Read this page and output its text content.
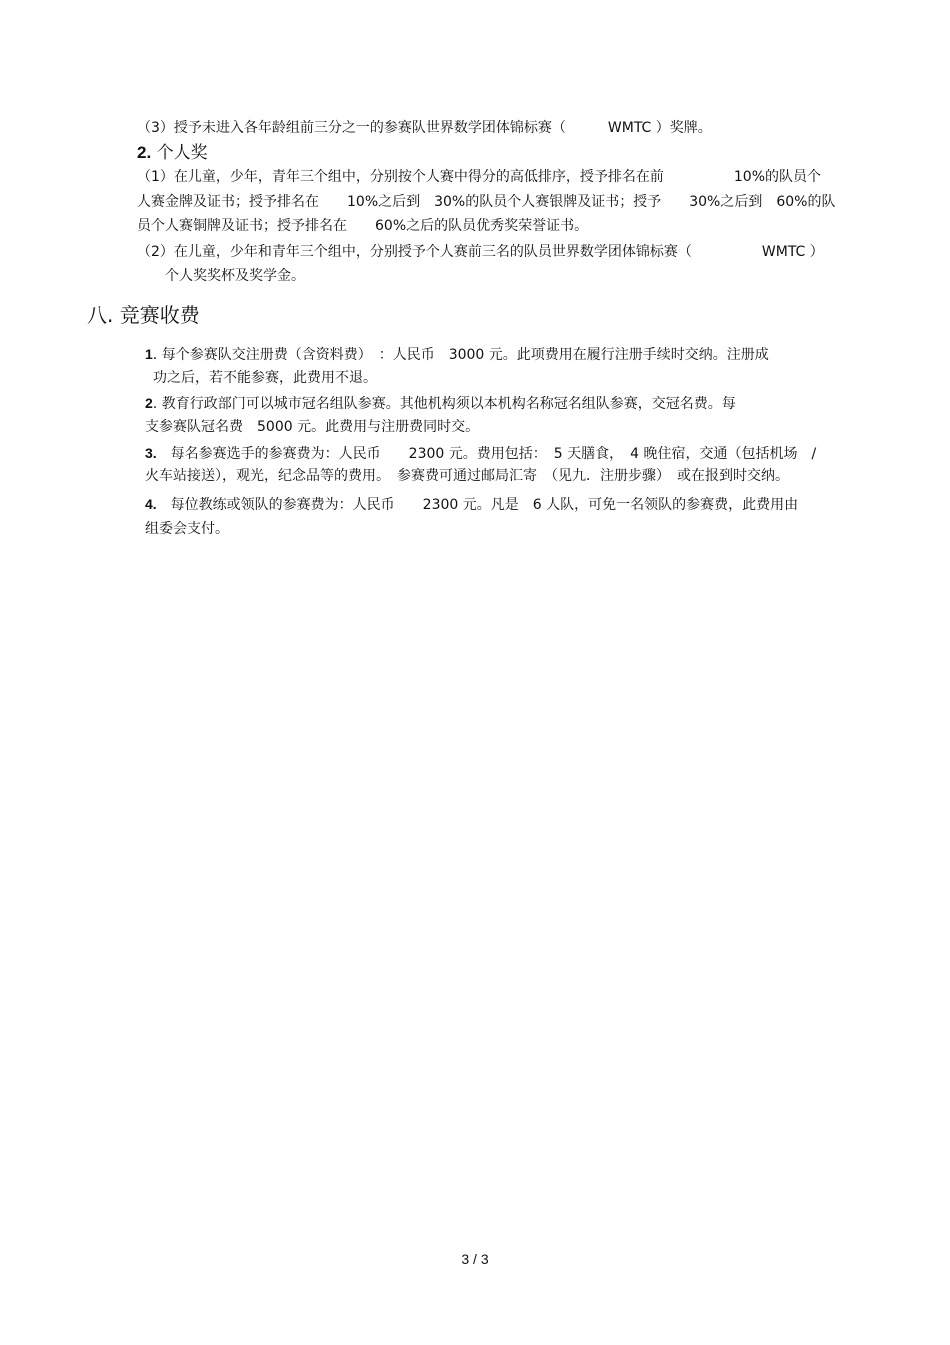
（3）授予未进入各年龄组前三分之一的参赛队世界数学团体锦标赛（　　　WMTC ）奖牌。
2. 个人奖
（1）在儿童，少年，青年三个组中，分别按个人赛中得分的高低排序，授予排名在前　　　　　10%的队员个
人赛金牌及证书；授予排名在　　10%之后到　30%的队员个人赛银牌及证书；授予　　30%之后到　60%的队
员个人赛铜牌及证书；授予排名在　　60%之后的队员优秀奖荣誉证书。
（2）在儿童，少年和青年三个组中，分别授予个人赛前三名的队员世界数学团体锦标赛（　　　　　WMTC ）
个人奖奖杯及奖学金。
八. 竞赛收费
1. 每个参赛队交注册费（含资料费）　：人民币　3000 元。此项费用在履行注册手续时交纳。注册成
功之后，若不能参赛，此费用不退。
2. 教育行政部门可以城市冠名组队参赛。其他机构须以本机构名称冠名组队参赛，交冠名费。每
支参赛队冠名费　5000 元。此费用与注册费同时交。
3.　每名参赛选手的参赛费为：人民币　　2300 元。费用包括：　5 天膳食，　4 晚住宿，交通（包括机场　/
火车站接送），观光，纪念品等的费用。　参赛费可通过邮局汇寄　（见九．注册步骤）　或在报到时交纳。
4.　每位教练或领队的参赛费为：人民币　　2300 元。凡是　6 人队，可免一名领队的参赛费，此费用由
组委会支付。
3 / 3
